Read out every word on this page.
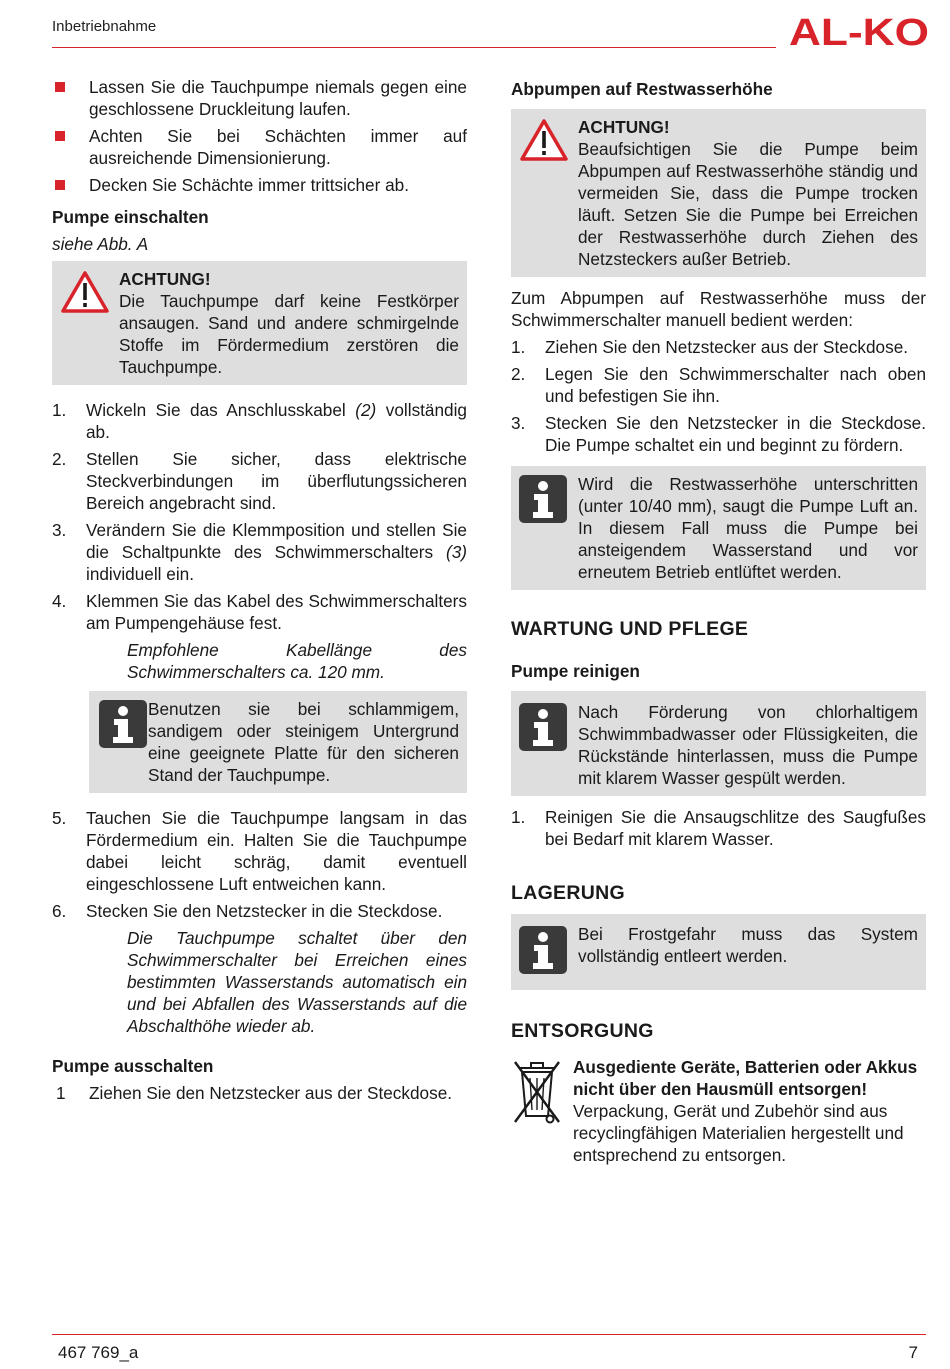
Inbetriebnahme	AL-KO
Lassen Sie die Tauchpumpe niemals gegen eine geschlossene Druckleitung laufen.
Achten Sie bei Schächten immer auf ausreichende Dimensionierung.
Decken Sie Schächte immer trittsicher ab.
Pumpe einschalten
siehe Abb. A
ACHTUNG!
Die Tauchpumpe darf keine Festkörper ansaugen. Sand und andere schmirgelnde Stoffe im Fördermedium zerstören die Tauchpumpe.
1. Wickeln Sie das Anschlusskabel (2) vollständig ab.
2. Stellen Sie sicher, dass elektrische Steckverbindungen im überflutungssicheren Bereich angebracht sind.
3. Verändern Sie die Klemmposition und stellen Sie die Schaltpunkte des Schwimmerschalters (3) individuell ein.
4. Klemmen Sie das Kabel des Schwimmerschalters am Pumpengehäuse fest.
Empfohlene Kabellänge des Schwimmerschalters ca. 120 mm.
Benutzen sie bei schlammigem, sandigem oder steinigem Untergrund eine geeignete Platte für den sicheren Stand der Tauchpumpe.
5. Tauchen Sie die Tauchpumpe langsam in das Fördermedium ein. Halten Sie die Tauchpumpe dabei leicht schräg, damit eventuell eingeschlossene Luft entweichen kann.
6. Stecken Sie den Netzstecker in die Steckdose.
Die Tauchpumpe schaltet über den Schwimmerschalter bei Erreichen eines bestimmten Wasserstands automatisch ein und bei Abfallen des Wasserstands auf die Abschalthöhe wieder ab.
Pumpe ausschalten
1 Ziehen Sie den Netzstecker aus der Steckdose.
Abpumpen auf Restwasserhöhe
ACHTUNG!
Beaufsichtigen Sie die Pumpe beim Abpumpen auf Restwasserhöhe ständig und vermeiden Sie, dass die Pumpe trocken läuft. Setzen Sie die Pumpe bei Erreichen der Restwasserhöhe durch Ziehen des Netzsteckers außer Betrieb.
Zum Abpumpen auf Restwasserhöhe muss der Schwimmerschalter manuell bedient werden:
1. Ziehen Sie den Netzstecker aus der Steckdose.
2. Legen Sie den Schwimmerschalter nach oben und befestigen Sie ihn.
3. Stecken Sie den Netzstecker in die Steckdose. Die Pumpe schaltet ein und beginnt zu fördern.
Wird die Restwasserhöhe unterschritten (unter 10/40 mm), saugt die Pumpe Luft an. In diesem Fall muss die Pumpe bei ansteigendem Wasserstand und vor erneutem Betrieb entlüftet werden.
WARTUNG UND PFLEGE
Pumpe reinigen
Nach Förderung von chlorhaltigem Schwimmbadwasser oder Flüssigkeiten, die Rückstände hinterlassen, muss die Pumpe mit klarem Wasser gespült werden.
1. Reinigen Sie die Ansaugschlitze des Saugfußes bei Bedarf mit klarem Wasser.
LAGERUNG
Bei Frostgefahr muss das System vollständig entleert werden.
ENTSORGUNG
Ausgediente Geräte, Batterien oder Akkus nicht über den Hausmüll entsorgen!
Verpackung, Gerät und Zubehör sind aus recyclingfähigen Materialien hergestellt und entsprechend zu entsorgen.
467 769_a	7
